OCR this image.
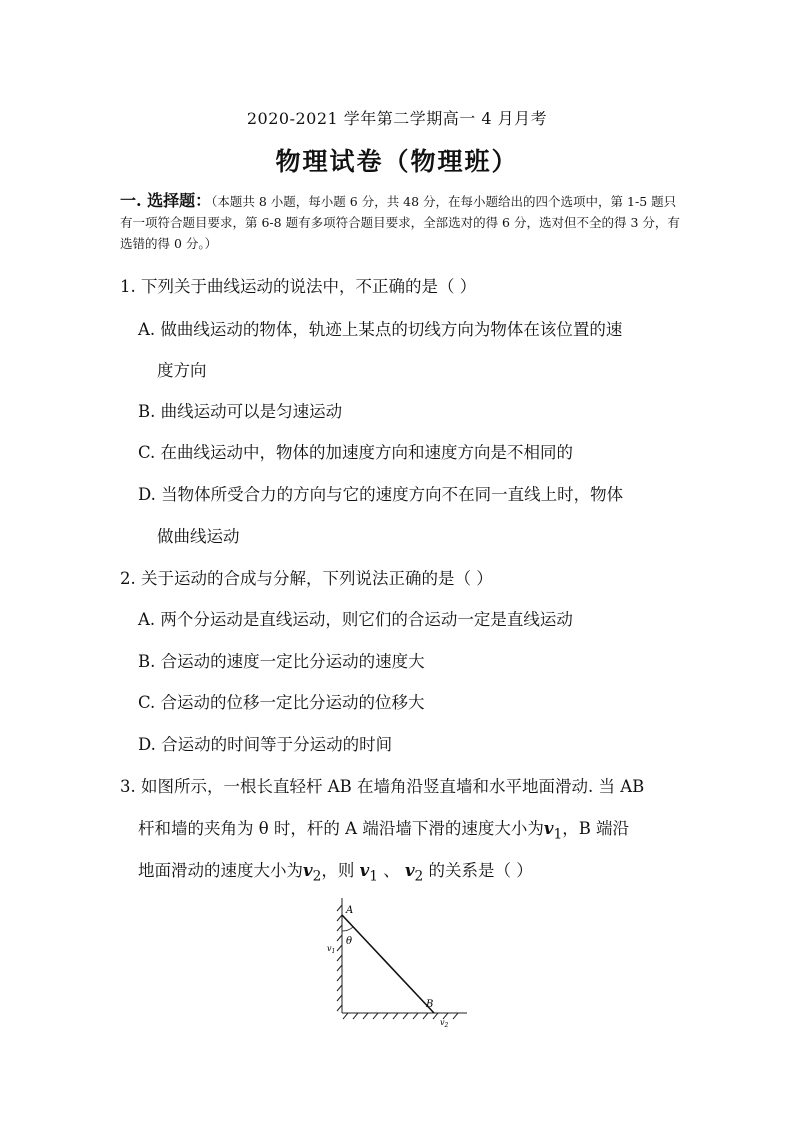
2020-2021 学年第二学期高一 4 月月考
物理试卷（物理班）
一. 选择题：（本题共 8 小题，每小题 6 分，共 48 分，在每小题给出的四个选项中，第 1-5 题只有一项符合题目要求，第 6-8 题有多项符合题目要求，全部选对的得 6 分，选对但不全的得 3 分，有选错的得 0 分。）
1. 下列关于曲线运动的说法中，不正确的是（ ）
A. 做曲线运动的物体，轨迹上某点的切线方向为物体在该位置的速
度方向
B. 曲线运动可以是匀速运动
C. 在曲线运动中，物体的加速度方向和速度方向是不相同的
D. 当物体所受合力的方向与它的速度方向不在同一直线上时，物体
做曲线运动
2. 关于运动的合成与分解，下列说法正确的是（ ）
A. 两个分运动是直线运动，则它们的合运动一定是直线运动
B. 合运动的速度一定比分运动的速度大
C. 合运动的位移一定比分运动的位移大
D. 合运动的时间等于分运动的时间
3. 如图所示，一根长直轻杆 AB 在墙角沿竖直墙和水平地面滑动. 当 AB
杆和墙的夹角为 θ 时，杆的 A 端沿墙下滑的速度大小为$v_1$，B 端沿
地面滑动的速度大小为$v_2$，则 $v_1$ 、 $v_2$ 的关系是（ ）
A
θ
B
$v_1$
$v_2$
